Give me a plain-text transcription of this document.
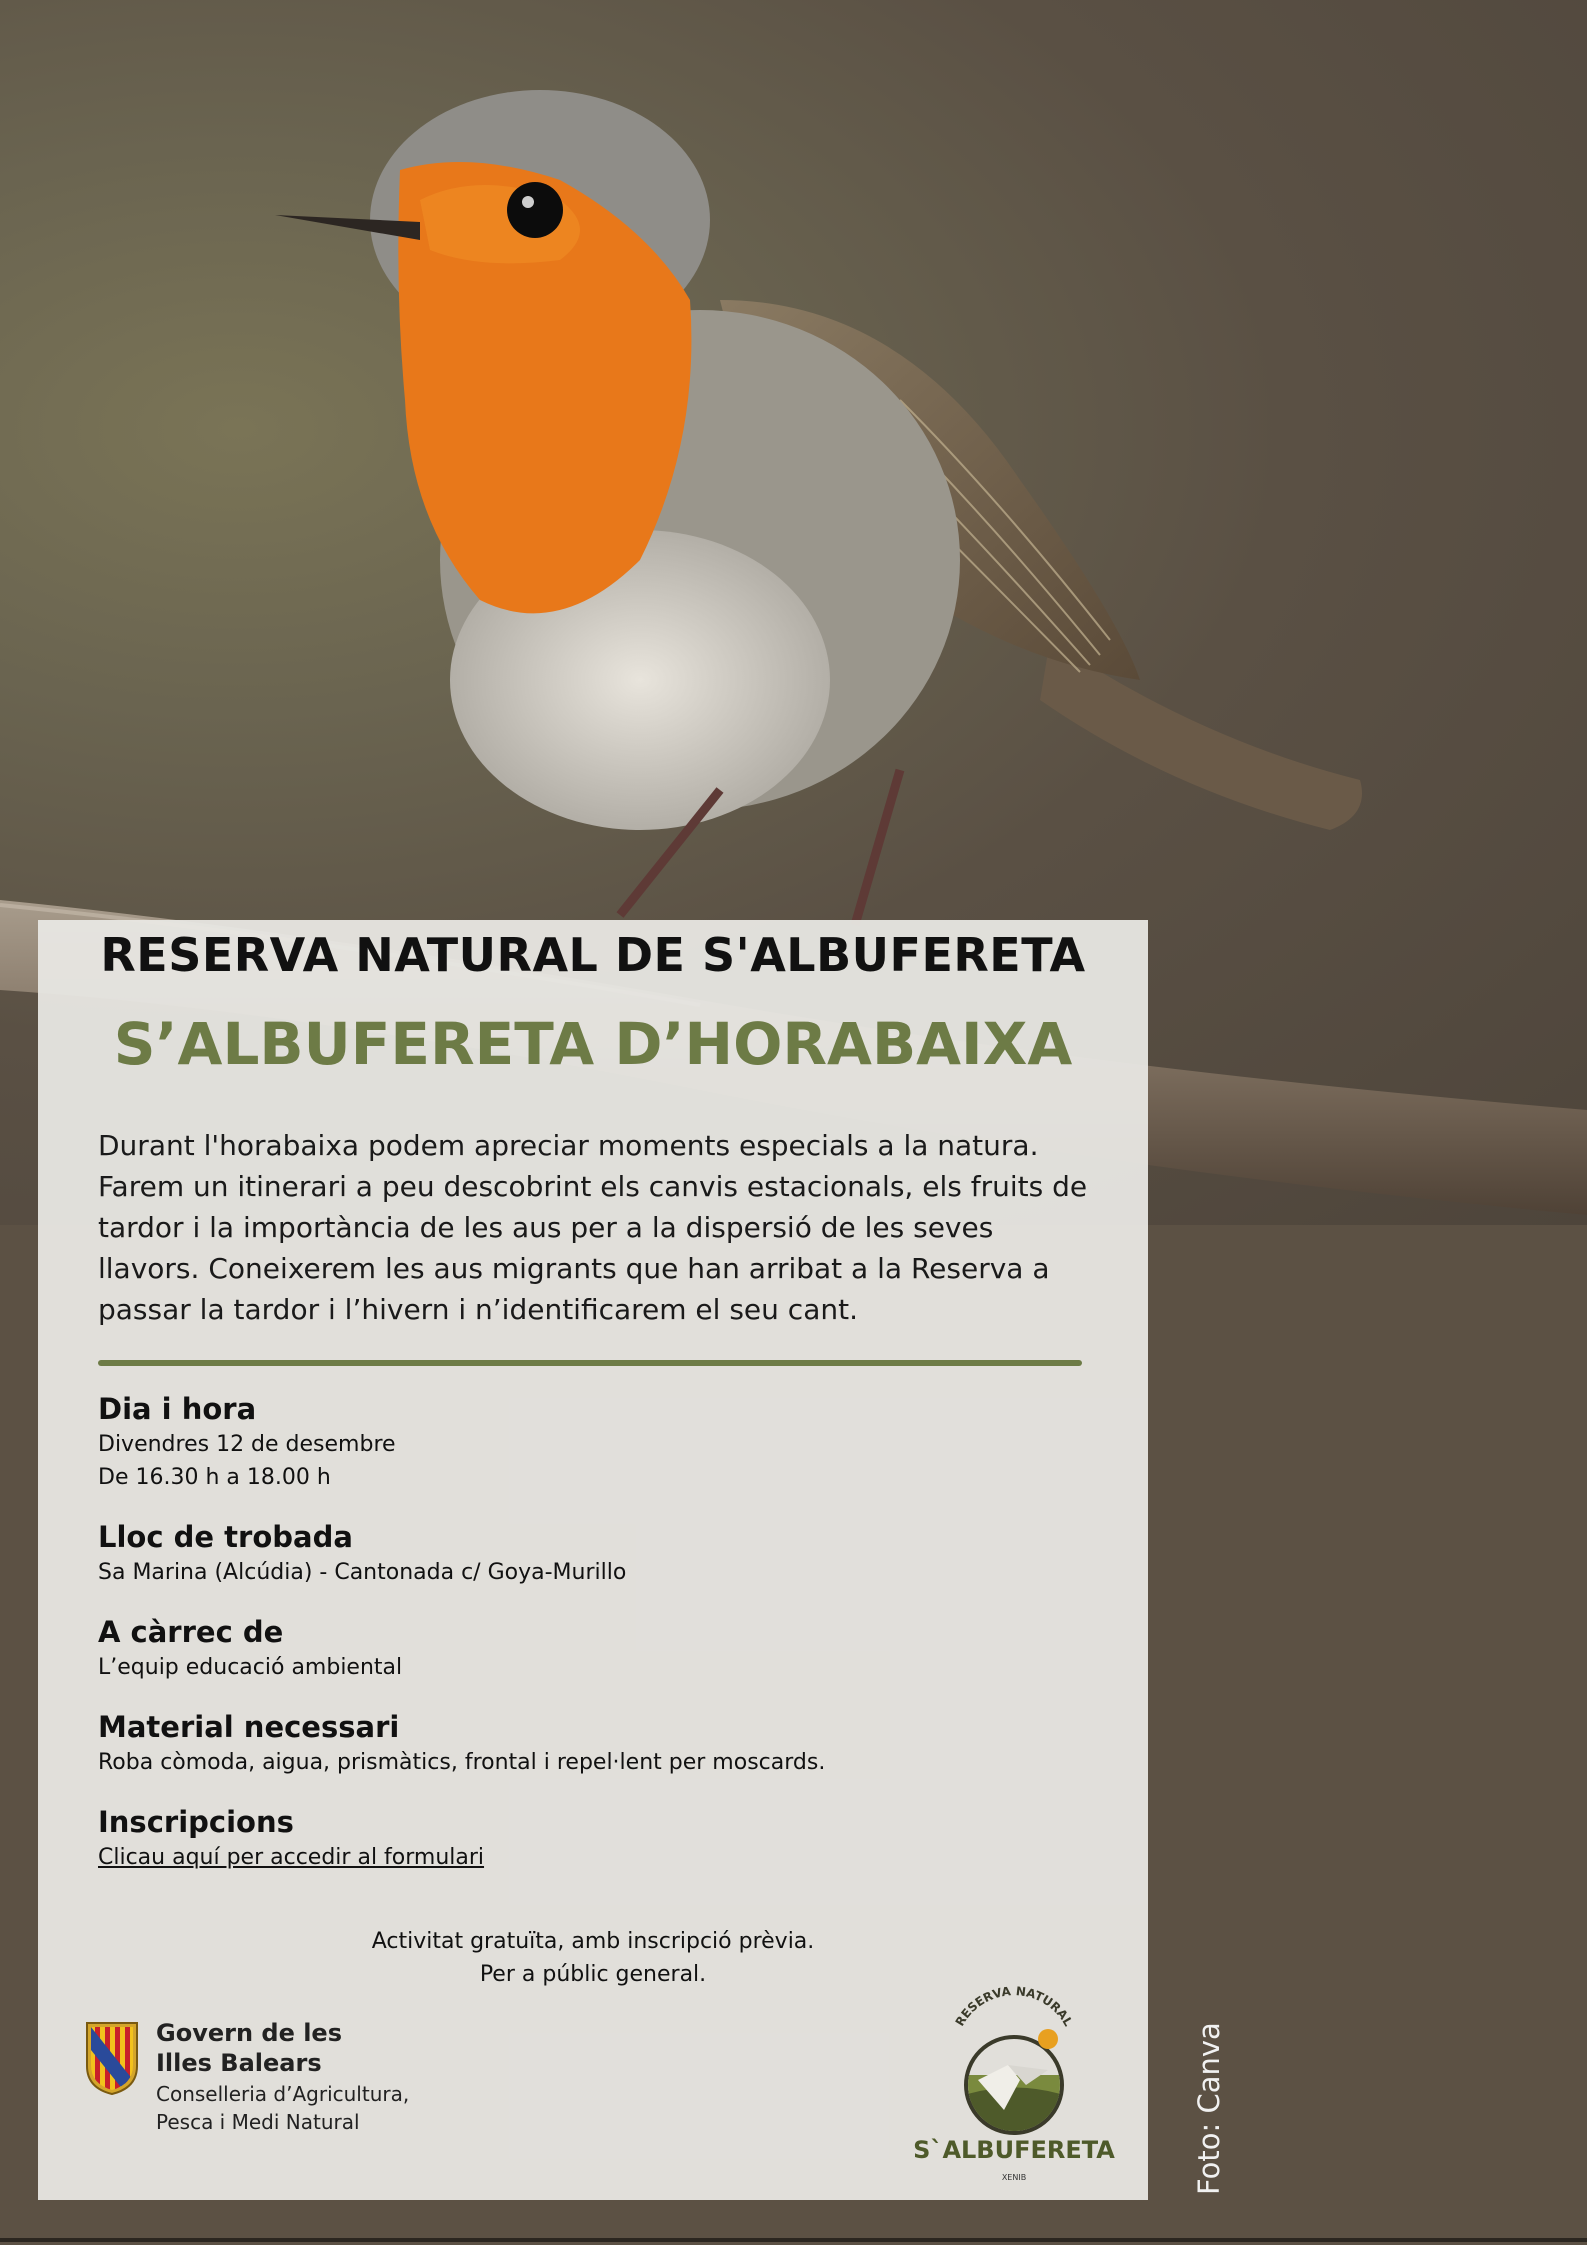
RESERVA NATURAL DE S'ALBUFERETA
S’ALBUFERETA D’HORABAIXA
Durant l'horabaixa podem apreciar moments especials a la natura. Farem un itinerari a peu descobrint els canvis estacionals, els fruits de tardor i la importància de les aus per a la dispersió de les seves llavors. Coneixerem les aus migrants que han arribat a la Reserva a passar la tardor i l’hivern i n’identificarem el seu cant.
Dia i hora
Divendres 12 de desembre
De 16.30 h a 18.00 h
Lloc de trobada
Sa Marina (Alcúdia) - Cantonada c/ Goya-Murillo
A càrrec de
L’equip educació ambiental
Material necessari
Roba còmoda, aigua, prismàtics, frontal i repel·lent per moscards.
Inscripcions
Clicau aquí per accedir al formulari
Activitat gratuïta, amb inscripció prèvia.
Per a públic general.
Govern de les
Illes Balears
Conselleria d’Agricultura,
Pesca i Medi Natural
RESERVA NATURAL
S`ALBUFERETA
XENIB	Foto: Canva
